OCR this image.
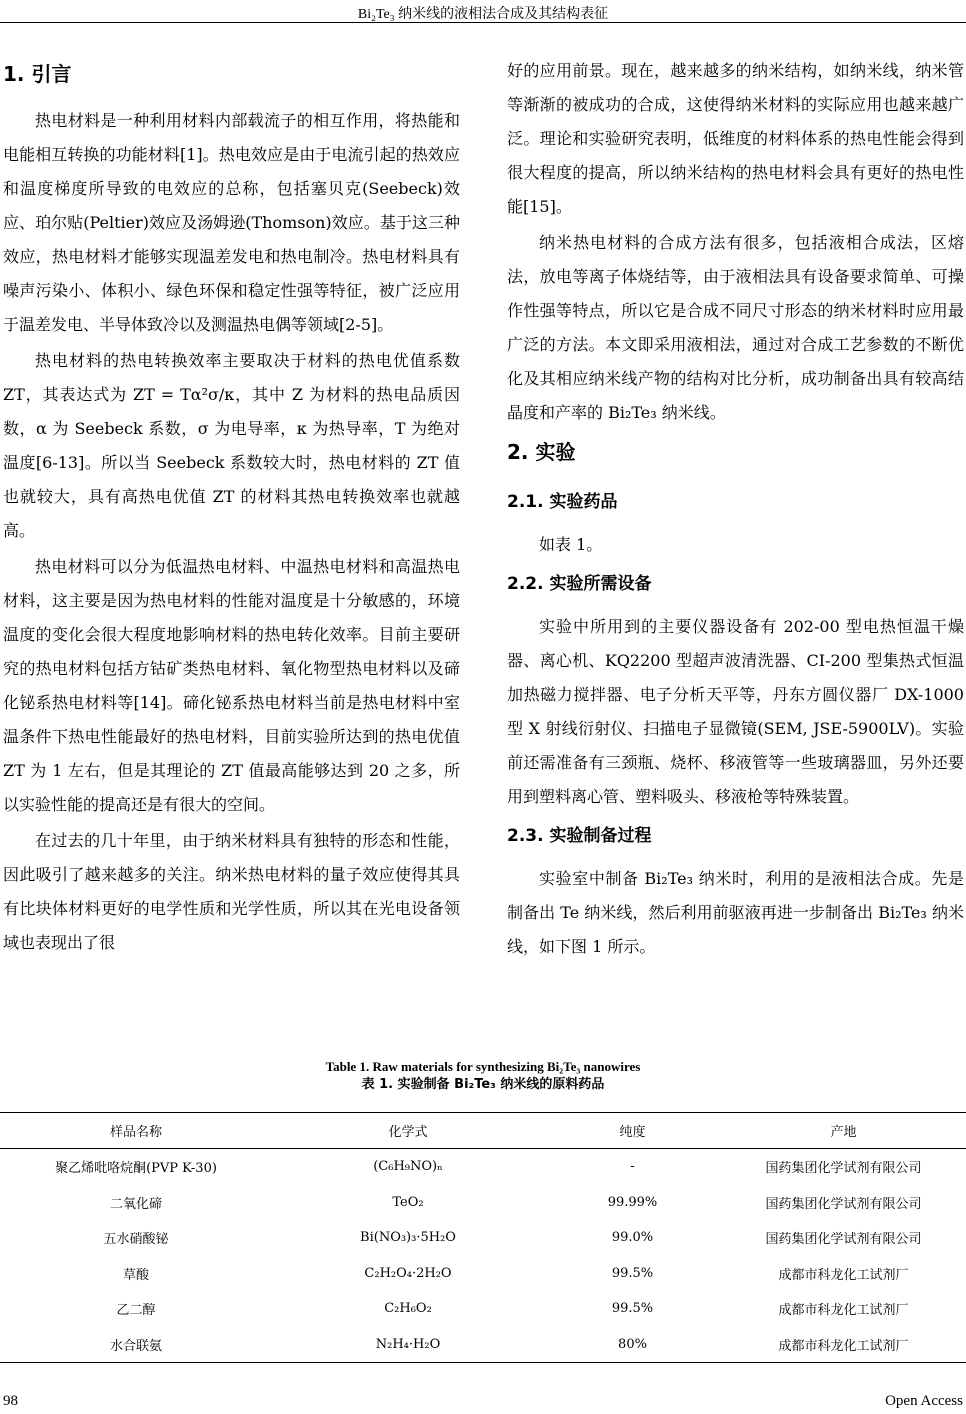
Bi₂Te₃ 纳米线的液相法合成及其结构表征
1. 引言

热电材料是一种利用材料内部载流子的相互作用，将热能和电能相互转换的功能材料[1]。热电效应是由于电流引起的热效应和温度梯度所导致的电效应的总称，包括塞贝克(Seebeck)效应、珀尔贴(Peltier)效应及汤姆逊(Thomson)效应。基于这三种效应，热电材料才能够实现温差发电和热电制冷。热电材料具有噪声污染小、体积小、绿色环保和稳定性强等特征，被广泛应用于温差发电、半导体致冷以及测温热电偶等领域[2-5]。

热电材料的热电转换效率主要取决于材料的热电优值系数 ZT，其表达式为 ZT = Tα²σ/κ，其中 Z 为材料的热电品质因数，α 为 Seebeck 系数，σ 为电导率，κ 为热导率，T 为绝对温度[6-13]。所以当 Seebeck 系数较大时，热电材料的 ZT 值也就较大，具有高热电优值 ZT 的材料其热电转换效率也就越高。

热电材料可以分为低温热电材料、中温热电材料和高温热电材料，这主要是因为热电材料的性能对温度是十分敏感的，环境温度的变化会很大程度地影响材料的热电转化效率。目前主要研究的热电材料包括方钴矿类热电材料、氧化物型热电材料以及碲化铋系热电材料等[14]。碲化铋系热电材料当前是热电材料中室温条件下热电性能最好的热电材料，目前实验所达到的热电优值 ZT 为 1 左右，但是其理论的 ZT 值最高能够达到 20 之多，所以实验性能的提高还是有很大的空间。

在过去的几十年里，由于纳米材料具有独特的形态和性能，因此吸引了越来越多的关注。纳米热电材料的量子效应使得其具有比块体材料更好的电学性质和光学性质，所以其在光电设备领域也表现出了很

好的应用前景。现在，越来越多的纳米结构，如纳米线，纳米管等渐渐的被成功的合成，这使得纳米材料的实际应用也越来越广泛。理论和实验研究表明，低维度的材料体系的热电性能会得到很大程度的提高，所以纳米结构的热电材料会具有更好的热电性能[15]。

纳米热电材料的合成方法有很多，包括液相合成法，区熔法，放电等离子体烧结等，由于液相法具有设备要求简单、可操作性强等特点，所以它是合成不同尺寸形态的纳米材料时应用最广泛的方法。本文即采用液相法，通过对合成工艺参数的不断优化及其相应纳米线产物的结构对比分析，成功制备出具有较高结晶度和产率的 Bi₂Te₃ 纳米线。

2. 实验
2.1. 实验药品

如表 1。

2.2. 实验所需设备

实验中所用到的主要仪器设备有 202-00 型电热恒温干燥器、离心机、KQ2200 型超声波清洗器、CI-200 型集热式恒温加热磁力搅拌器、电子分析天平等，丹东方圆仪器厂 DX-1000 型 X 射线衍射仪、扫描电子显微镜(SEM, JSE-5900LV)。实验前还需准备有三颈瓶、烧杯、移液管等一些玻璃器皿，另外还要用到塑料离心管、塑料吸头、移液枪等特殊装置。

2.3. 实验制备过程

实验室中制备 Bi₂Te₃ 纳米时，利用的是液相法合成。先是制备出 Te 纳米线，然后利用前驱液再进一步制备出 Bi₂Te₃ 纳米线，如下图 1 所示。

Table 1. Raw materials for synthesizing Bi₂Te₃ nanowires
表 1. 实验制备 Bi₂Te₃ 纳米线的原料药品
样品名称	化学式	纯度	产地
聚乙烯吡咯烷酮(PVP K-30)	(C₆H₉NO)ₙ	-	国药集团化学试剂有限公司
二氧化碲	TeO₂	99.99%	国药集团化学试剂有限公司
五水硝酸铋	Bi(NO₃)₃·5H₂O	99.0%	国药集团化学试剂有限公司
草酸	C₂H₂O₄·2H₂O	99.5%	成都市科龙化工试剂厂
乙二醇	C₂H₆O₂	99.5%	成都市科龙化工试剂厂
水合联氨	N₂H₄·H₂O	80%	成都市科龙化工试剂厂
98	Open Access
